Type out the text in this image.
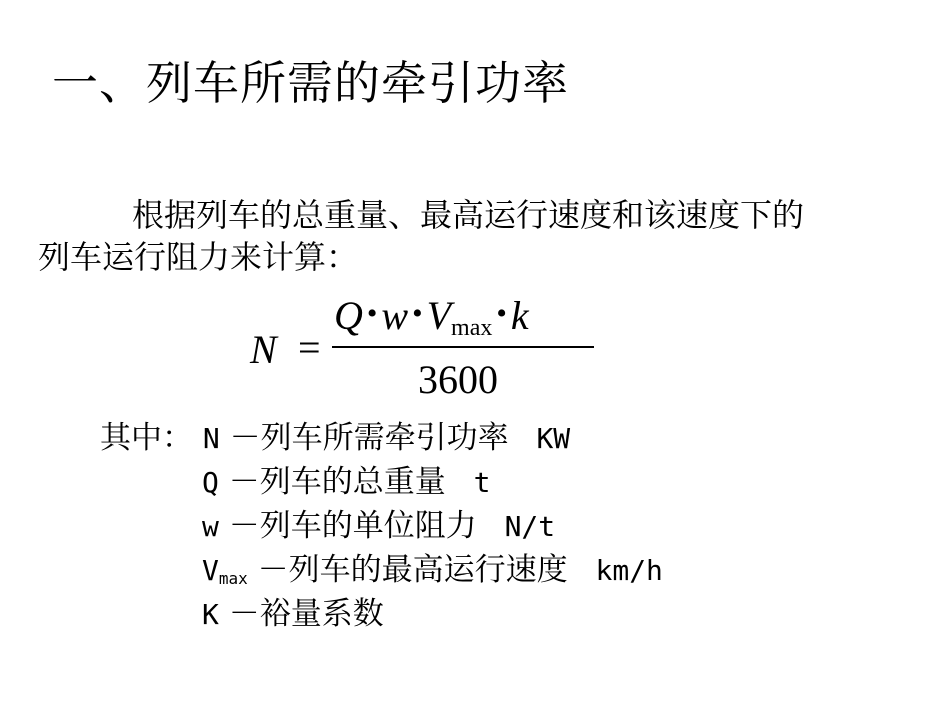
一、列车所需的牵引功率
根据列车的总重量、最高运行速度和该速度下的
列车运行阻力来计算：
N =
Q • w • $V_{max}$ • k
3600
其中： N －列车所需牵引功率 KW
Q －列车的总重量 t
w －列车的单位阻力 N/t
$V_{max}$ －列车的最高运行速度 km/h
K －裕量系数
